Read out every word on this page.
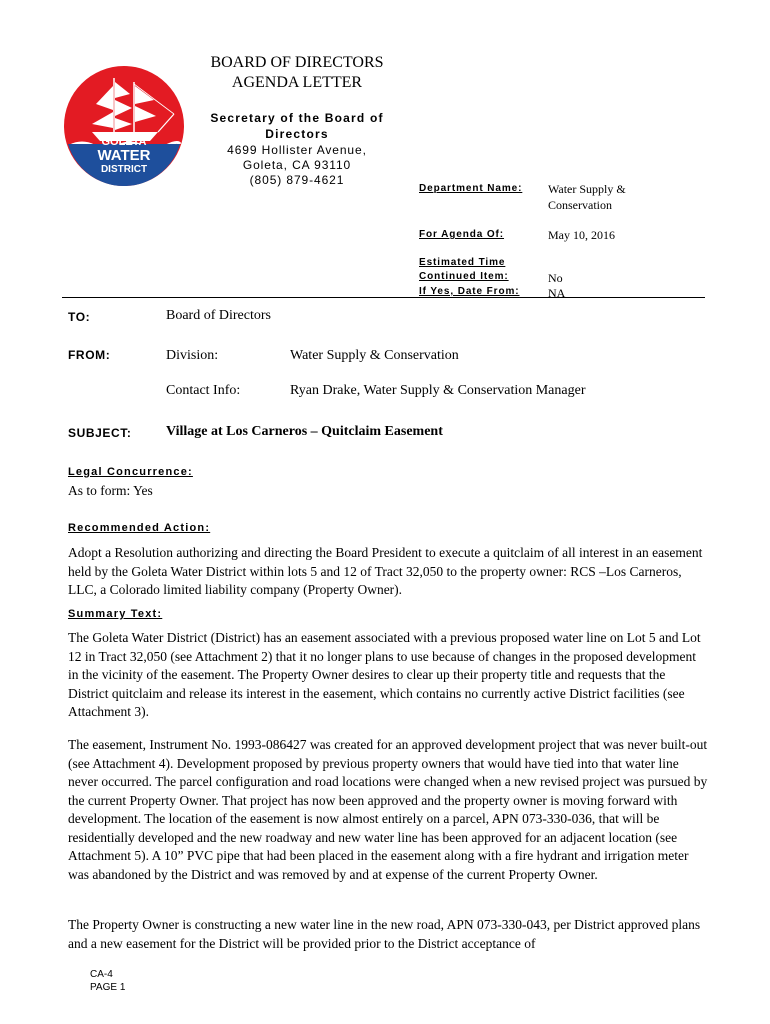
GOLETA
WATER
DISTRICT
BOARD OF DIRECTORS
AGENDA LETTER
Secretary of the Board of
Directors
4699 Hollister Avenue,
Goleta, CA 93110
(805) 879-4621
Department Name: Water Supply &
Conservation
For Agenda Of:	May 10, 2016
Estimated Time
Continued Item:	No
If Yes, Date From: NA
TO:	Board of Directors
FROM:	Division:	Water Supply & Conservation
Contact Info:	Ryan Drake, Water Supply & Conservation Manager
SUBJECT: Village at Los Carneros – Quitclaim Easement
Legal Concurrence:
As to form: Yes
Recommended Action:
Adopt a Resolution authorizing and directing the Board President to execute a quitclaim of all interest in an easement held by the Goleta Water District within lots 5 and 12 of Tract 32,050 to the property owner: RCS –Los Carneros, LLC, a Colorado limited liability company (Property Owner).
Summary Text:
The Goleta Water District (District) has an easement associated with a previous proposed water line on Lot 5 and Lot 12 in Tract 32,050 (see Attachment 2) that it no longer plans to use because of changes in the proposed development in the vicinity of the easement. The Property Owner desires to clear up their property title and requests that the District quitclaim and release its interest in the easement, which contains no currently active District facilities (see Attachment 3).
The easement, Instrument No. 1993-086427 was created for an approved development project that was never built-out (see Attachment 4). Development proposed by previous property owners that would have tied into that water line never occurred. The parcel configuration and road locations were changed when a new revised project was pursued by the current Property Owner. That project has now been approved and the property owner is moving forward with development. The location of the easement is now almost entirely on a parcel, APN 073-330-036, that will be residentially developed and the new roadway and new water line has been approved for an adjacent location (see Attachment 5). A 10” PVC pipe that had been placed in the easement along with a fire hydrant and irrigation meter was abandoned by the District and was removed by and at expense of the current Property Owner.
The Property Owner is constructing a new water line in the new road, APN 073-330-043, per District approved plans and a new easement for the District will be provided prior to the District acceptance of
CA-4
PAGE 1
